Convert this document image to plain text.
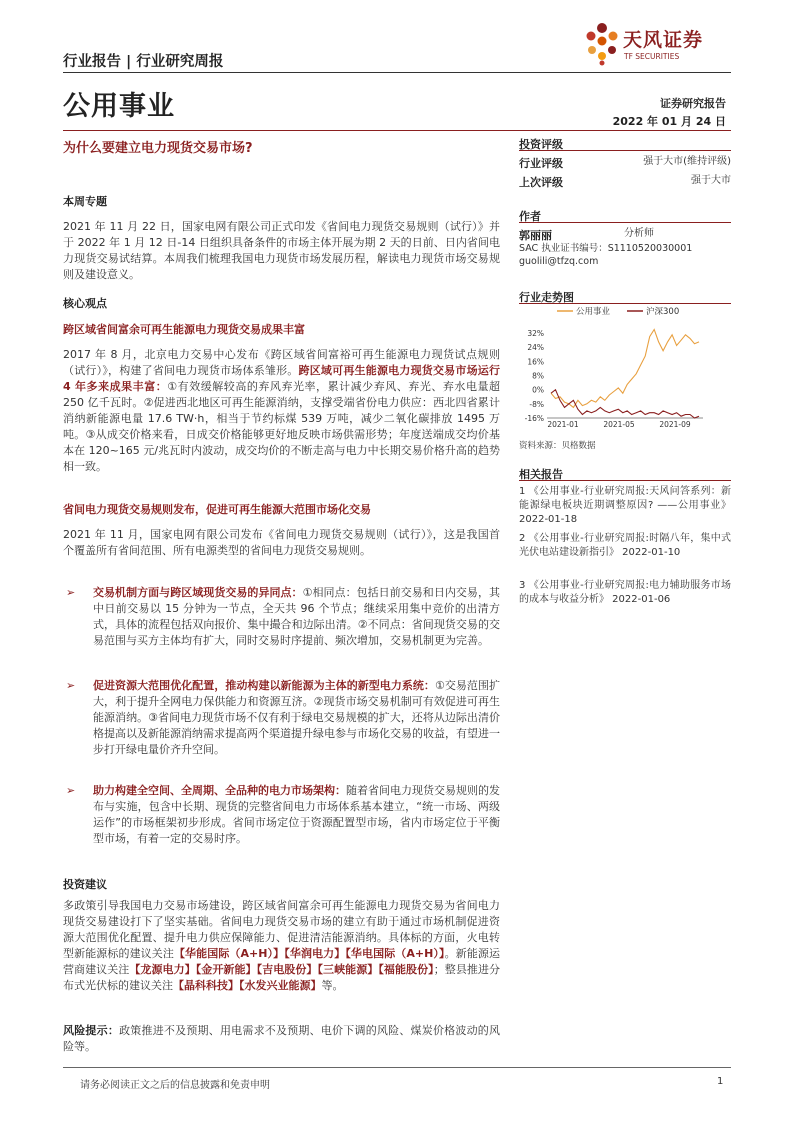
天风证券
TF SECURITIES
行业报告 | 行业研究周报
公用事业	证券研究报告
2022 年 01 月 24 日
为什么要建立电力现货交易市场?	投资评级
行业评级	强于大市(维持评级)
上次评级	强于大市
作者
郭丽丽	分析师
SAC 执业证书编号：S1110520030001
guolili@tfzq.com
行业走势图
公用事业	沪深300
32%
24%
16%
8%
0%
-8%
-16%
2021-01	2021-05	2021-09
资料来源：贝格数据
相关报告
1 《公用事业-行业研究周报:天风问答系列：新能源绿电板块近期调整原因? ——公用事业》 2022-01-18
2 《公用事业-行业研究周报:时隔八年，集中式光伏电站建设新指引》 2022-01-10
3 《公用事业-行业研究周报:电力辅助服务市场的成本与收益分析》 2022-01-06
本周专题
2021 年 11 月 22 日，国家电网有限公司正式印发《省间电力现货交易规则（试行）》并于 2022 年 1 月 12 日-14 日组织具备条件的市场主体开展为期 2 天的日前、日内省间电力现货交易试结算。本周我们梳理我国电力现货市场发展历程，解读电力现货市场交易规则及建设意义。
核心观点
跨区域省间富余可再生能源电力现货交易成果丰富
2017 年 8 月，北京电力交易中心发布《跨区域省间富裕可再生能源电力现货试点规则（试行）》，构建了省间电力现货市场体系雏形。跨区域可再生能源电力现货交易市场运行 4 年多来成果丰富：①有效缓解较高的弃风弃光率，累计减少弃风、弃光、弃水电量超 250 亿千瓦时。②促进西北地区可再生能源消纳，支撑受端省份电力供应：西北四省累计消纳新能源电量 17.6 TW·h，相当于节约标煤 539 万吨，减少二氧化碳排放 1495 万吨。③从成交价格来看，日成交价格能够更好地反映市场供需形势；年度送端成交均价基本在 120~165 元/兆瓦时内波动，成交均价的不断走高与电力中长期交易价格升高的趋势相一致。
省间电力现货交易规则发布，促进可再生能源大范围市场化交易
2021 年 11 月，国家电网有限公司发布《省间电力现货交易规则（试行）》，这是我国首个覆盖所有省间范围、所有电源类型的省间电力现货交易规则。
➢ 交易机制方面与跨区域现货交易的异同点：①相同点：包括日前交易和日内交易，其中日前交易以 15 分钟为一节点，全天共 96 个节点；继续采用集中竞价的出清方式，具体的流程包括双向报价、集中撮合和边际出清。②不同点：省间现货交易的交易范围与买方主体均有扩大，同时交易时序提前、频次增加，交易机制更为完善。
➢ 促进资源大范围优化配置，推动构建以新能源为主体的新型电力系统：①交易范围扩大，利于提升全网电力保供能力和资源互济。②现货市场交易机制可有效促进可再生能源消纳。③省间电力现货市场不仅有利于绿电交易规模的扩大，还将从边际出清价格提高以及新能源消纳需求提高两个渠道提升绿电参与市场化交易的收益，有望进一步打开绿电量价齐升空间。
➢ 助力构建全空间、全周期、全品种的电力市场架构：随着省间电力现货交易规则的发布与实施，包含中长期、现货的完整省间电力市场体系基本建立，“统一市场、两级运作”的市场框架初步形成。省间市场定位于资源配置型市场，省内市场定位于平衡型市场，有着一定的交易时序。
投资建议
多政策引导我国电力交易市场建设，跨区域省间富余可再生能源电力现货交易为省间电力现货交易建设打下了坚实基础。省间电力现货交易市场的建立有助于通过市场机制促进资源大范围优化配置、提升电力供应保障能力、促进清洁能源消纳。具体标的方面，火电转型新能源标的建议关注【华能国际（A+H）】【华润电力】【华电国际（A+H）】。新能源运营商建议关注【龙源电力】【金开新能】【吉电股份】【三峡能源】【福能股份】；整县推进分布式光伏标的建议关注【晶科科技】【水发兴业能源】等。
风险提示：政策推进不及预期、用电需求不及预期、电价下调的风险、煤炭价格波动的风险等。
请务必阅读正文之后的信息披露和免责申明	1
